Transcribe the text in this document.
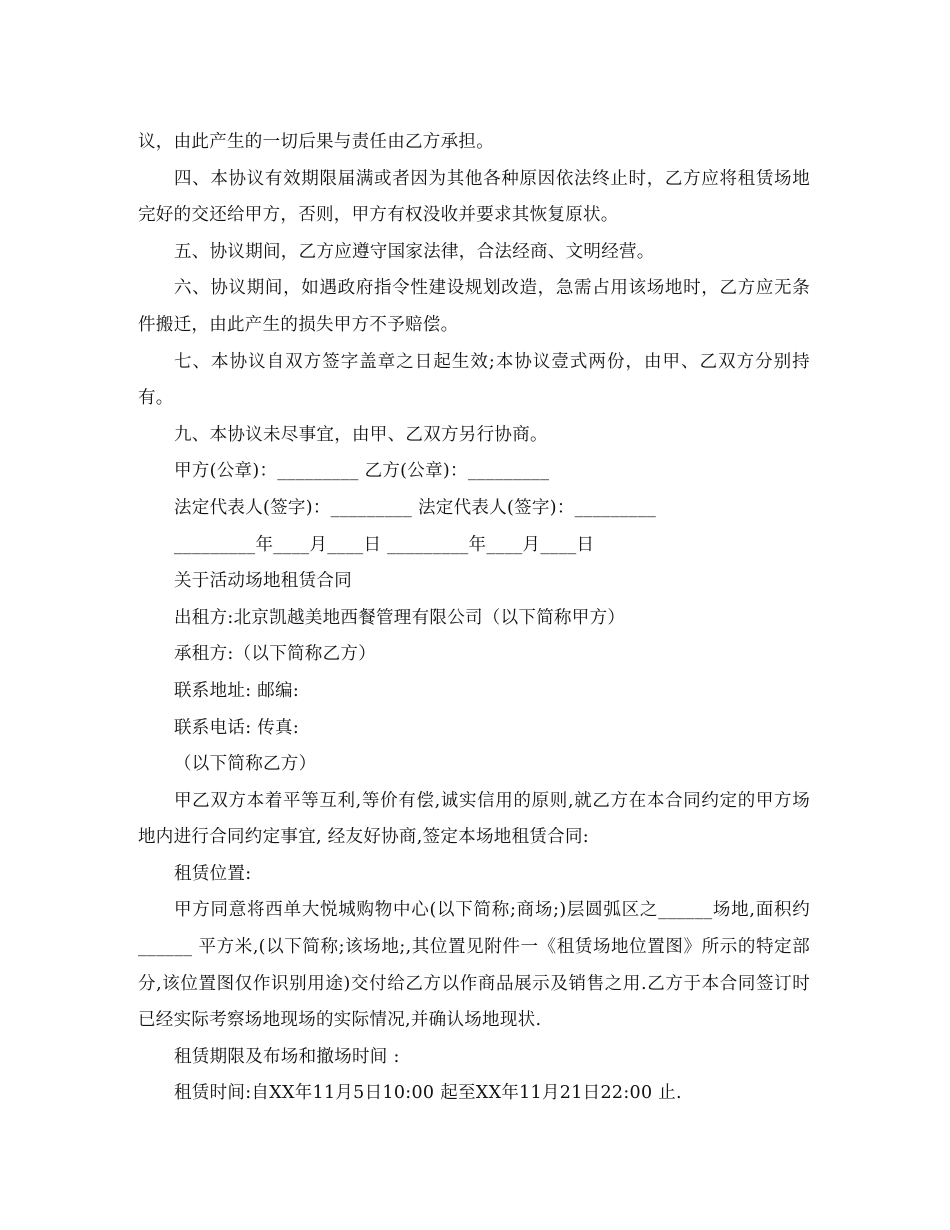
议，由此产生的一切后果与责任由乙方承担。

四、本协议有效期限届满或者因为其他各种原因依法终止时，乙方应将租赁场地完好的交还给甲方，否则，甲方有权没收并要求其恢复原状。

五、协议期间，乙方应遵守国家法律，合法经商、文明经营。

六、协议期间，如遇政府指令性建设规划改造，急需占用该场地时，乙方应无条件搬迁，由此产生的损失甲方不予赔偿。

七、本协议自双方签字盖章之日起生效;本协议壹式两份，由甲、乙双方分别持有。

九、本协议未尽事宜，由甲、乙双方另行协商。

甲方(公章)：_________ 乙方(公章)：_________

法定代表人(签字)：_________ 法定代表人(签字)：_________

_________年____月____日 _________年____月____日

关于活动场地租赁合同

出租方:北京凯越美地西餐管理有限公司（以下简称甲方）

承租方:（以下简称乙方）

联系地址: 邮编:

联系电话: 传真:

（以下简称乙方）

甲乙双方本着平等互利,等价有偿,诚实信用的原则,就乙方在本合同约定的甲方场地内进行合同约定事宜, 经友好协商,签定本场地租赁合同:

租赁位置:

甲方同意将西单大悦城购物中心(以下简称;商场;)层圆弧区之______场地,面积约______ 平方米,(以下简称;该场地;,其位置见附件一《租赁场地位置图》所示的特定部分,该位置图仅作识别用途)交付给乙方以作商品展示及销售之用.乙方于本合同签订时已经实际考察场地现场的实际情况,并确认场地现状.

租赁期限及布场和撤场时间 :

租赁时间:自XX年11月5日10:00 起至XX年11月21日22:00 止.
